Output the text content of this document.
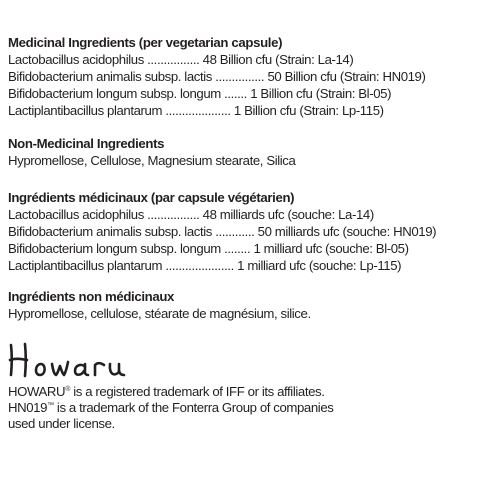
Medicinal Ingredients (per vegetarian capsule)
Lactobacillus acidophilus ................ 48 Billion cfu (Strain: La-14)
Bifidobacterium animalis subsp. lactis ............... 50 Billion cfu (Strain: HN019)
Bifidobacterium longum subsp. longum ....... 1 Billion cfu (Strain: Bl-05)
Lactiplantibacillus plantarum .................... 1 Billion cfu (Strain: Lp-115)
Non-Medicinal Ingredients
Hypromellose, Cellulose, Magnesium stearate, Silica
Ingrédients médicinaux (par capsule végétarien)
Lactobacillus acidophilus ................ 48 milliards ufc (souche: La-14)
Bifidobacterium animalis subsp. lactis ............ 50 milliards ufc (souche: HN019)
Bifidobacterium longum subsp. longum ........ 1 milliard ufc (souche: Bl-05)
Lactiplantibacillus plantarum ..................... 1 milliard ufc (souche: Lp-115)
Ingrédients non médicinaux
Hypromellose, cellulose, stéarate de magnésium, silice.
HOWARU® is a registered trademark of IFF or its affiliates.
HN019™ is a trademark of the Fonterra Group of companies
used under license.
